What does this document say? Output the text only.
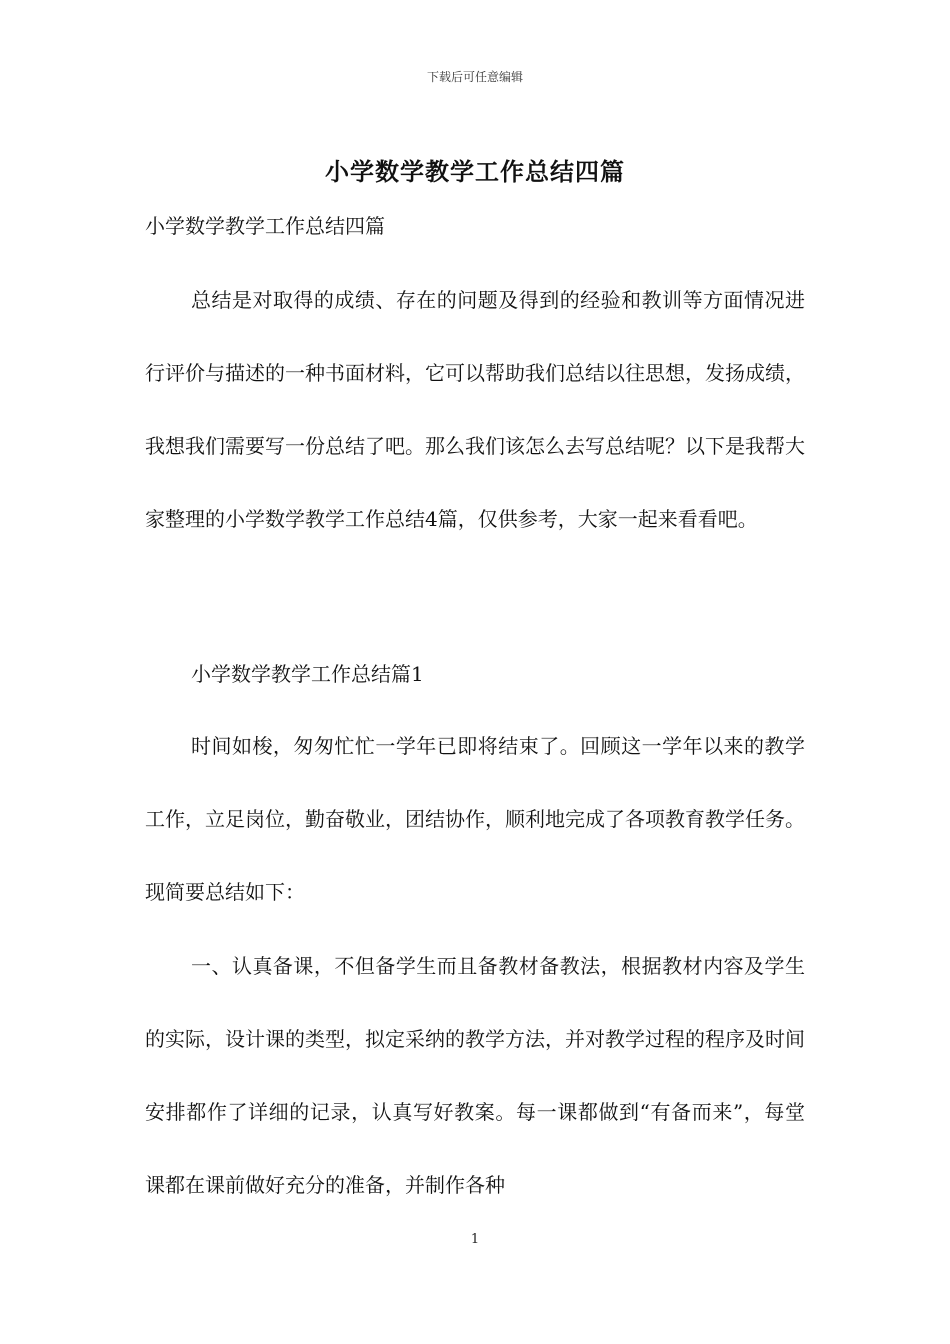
下载后可任意编辑
小学数学教学工作总结四篇

小学数学教学工作总结四篇

总结是对取得的成绩、存在的问题及得到的经验和教训等方面情况进行评价与描述的一种书面材料，它可以帮助我们总结以往思想，发扬成绩，我想我们需要写一份总结了吧。那么我们该怎么去写总结呢？以下是我帮大家整理的小学数学教学工作总结4篇，仅供参考，大家一起来看看吧。

小学数学教学工作总结篇1

时间如梭，匆匆忙忙一学年已即将结束了。回顾这一学年以来的教学工作，立足岗位，勤奋敬业，团结协作，顺利地完成了各项教育教学任务。现简要总结如下：

一、认真备课，不但备学生而且备教材备教法，根据教材内容及学生的实际，设计课的类型，拟定采纳的教学方法，并对教学过程的程序及时间安排都作了详细的记录，认真写好教案。每一课都做到“有备而来”，每堂课都在课前做好充分的准备，并制作各种

1
